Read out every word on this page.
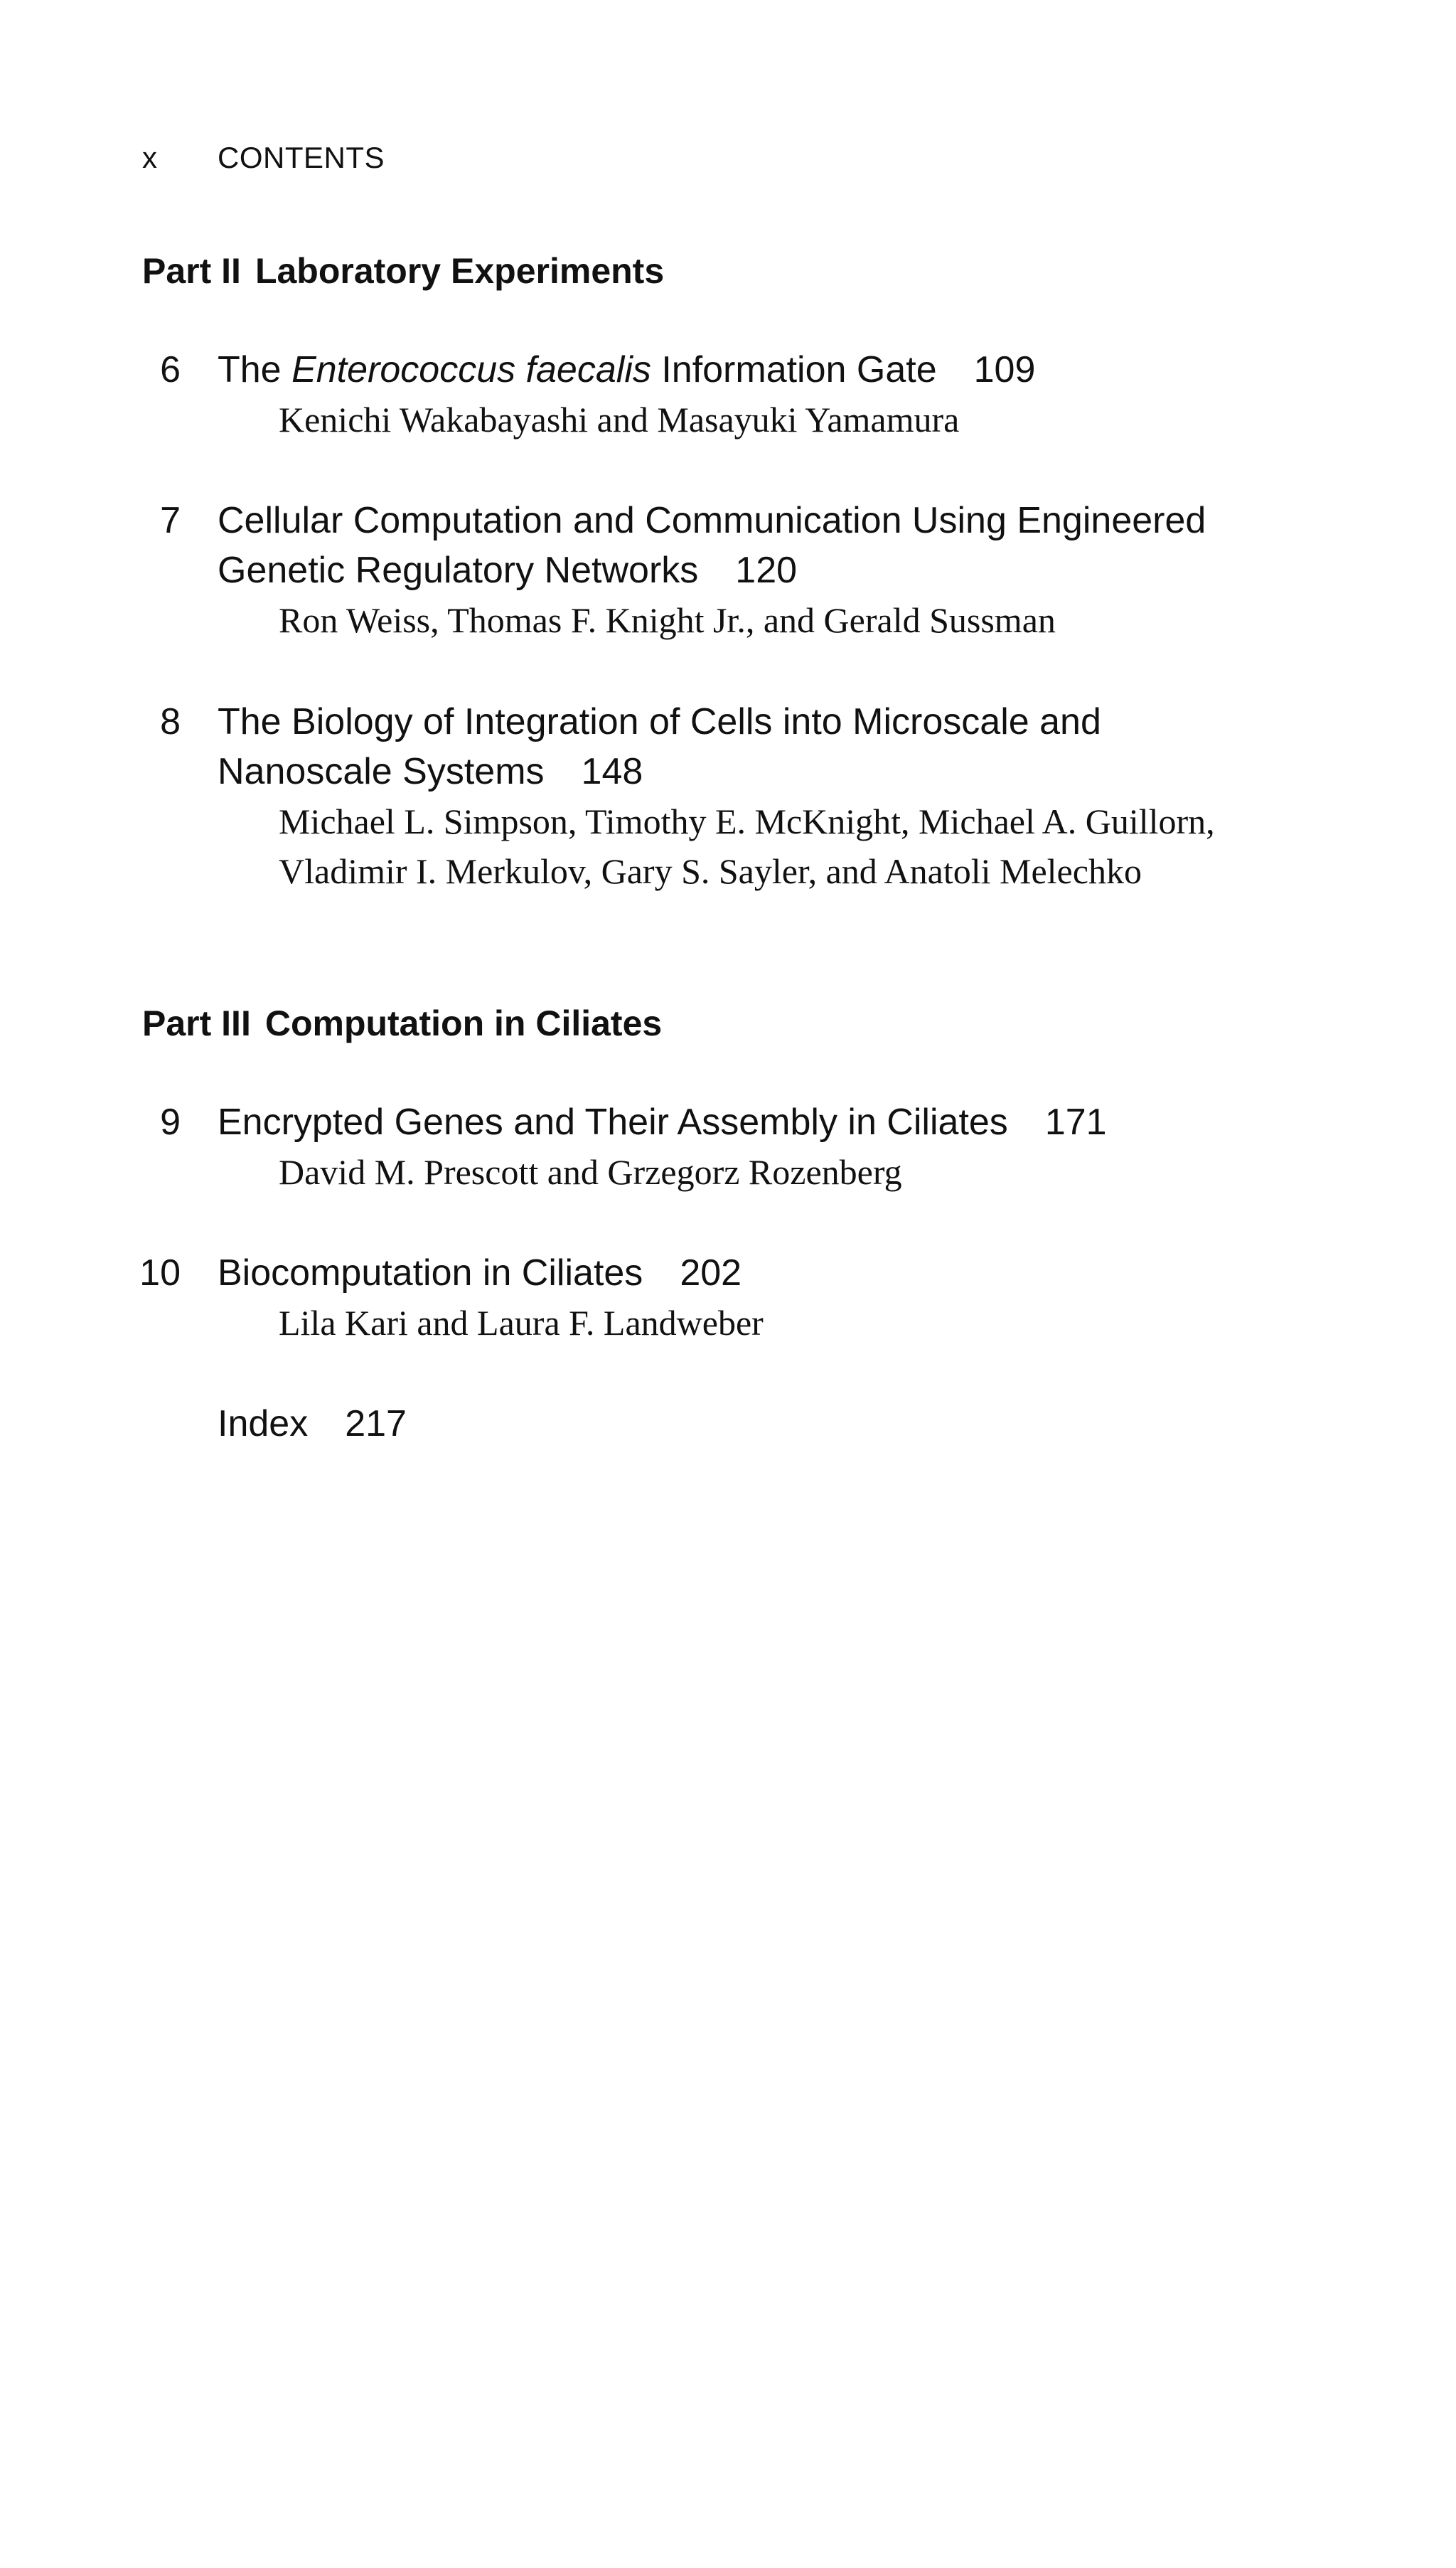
x CONTENTS
Part II Laboratory Experiments
6 The Enterococcus faecalis Information Gate 109
Kenichi Wakabayashi and Masayuki Yamamura
7 Cellular Computation and Communication Using Engineered
Genetic Regulatory Networks 120
Ron Weiss, Thomas F. Knight Jr., and Gerald Sussman
8 The Biology of Integration of Cells into Microscale and
Nanoscale Systems 148
Michael L. Simpson, Timothy E. McKnight, Michael A. Guillorn,
Vladimir I. Merkulov, Gary S. Sayler, and Anatoli Melechko
Part III Computation in Ciliates
9 Encrypted Genes and Their Assembly in Ciliates 171
David M. Prescott and Grzegorz Rozenberg
10 Biocomputation in Ciliates 202
Lila Kari and Laura F. Landweber
Index 217
